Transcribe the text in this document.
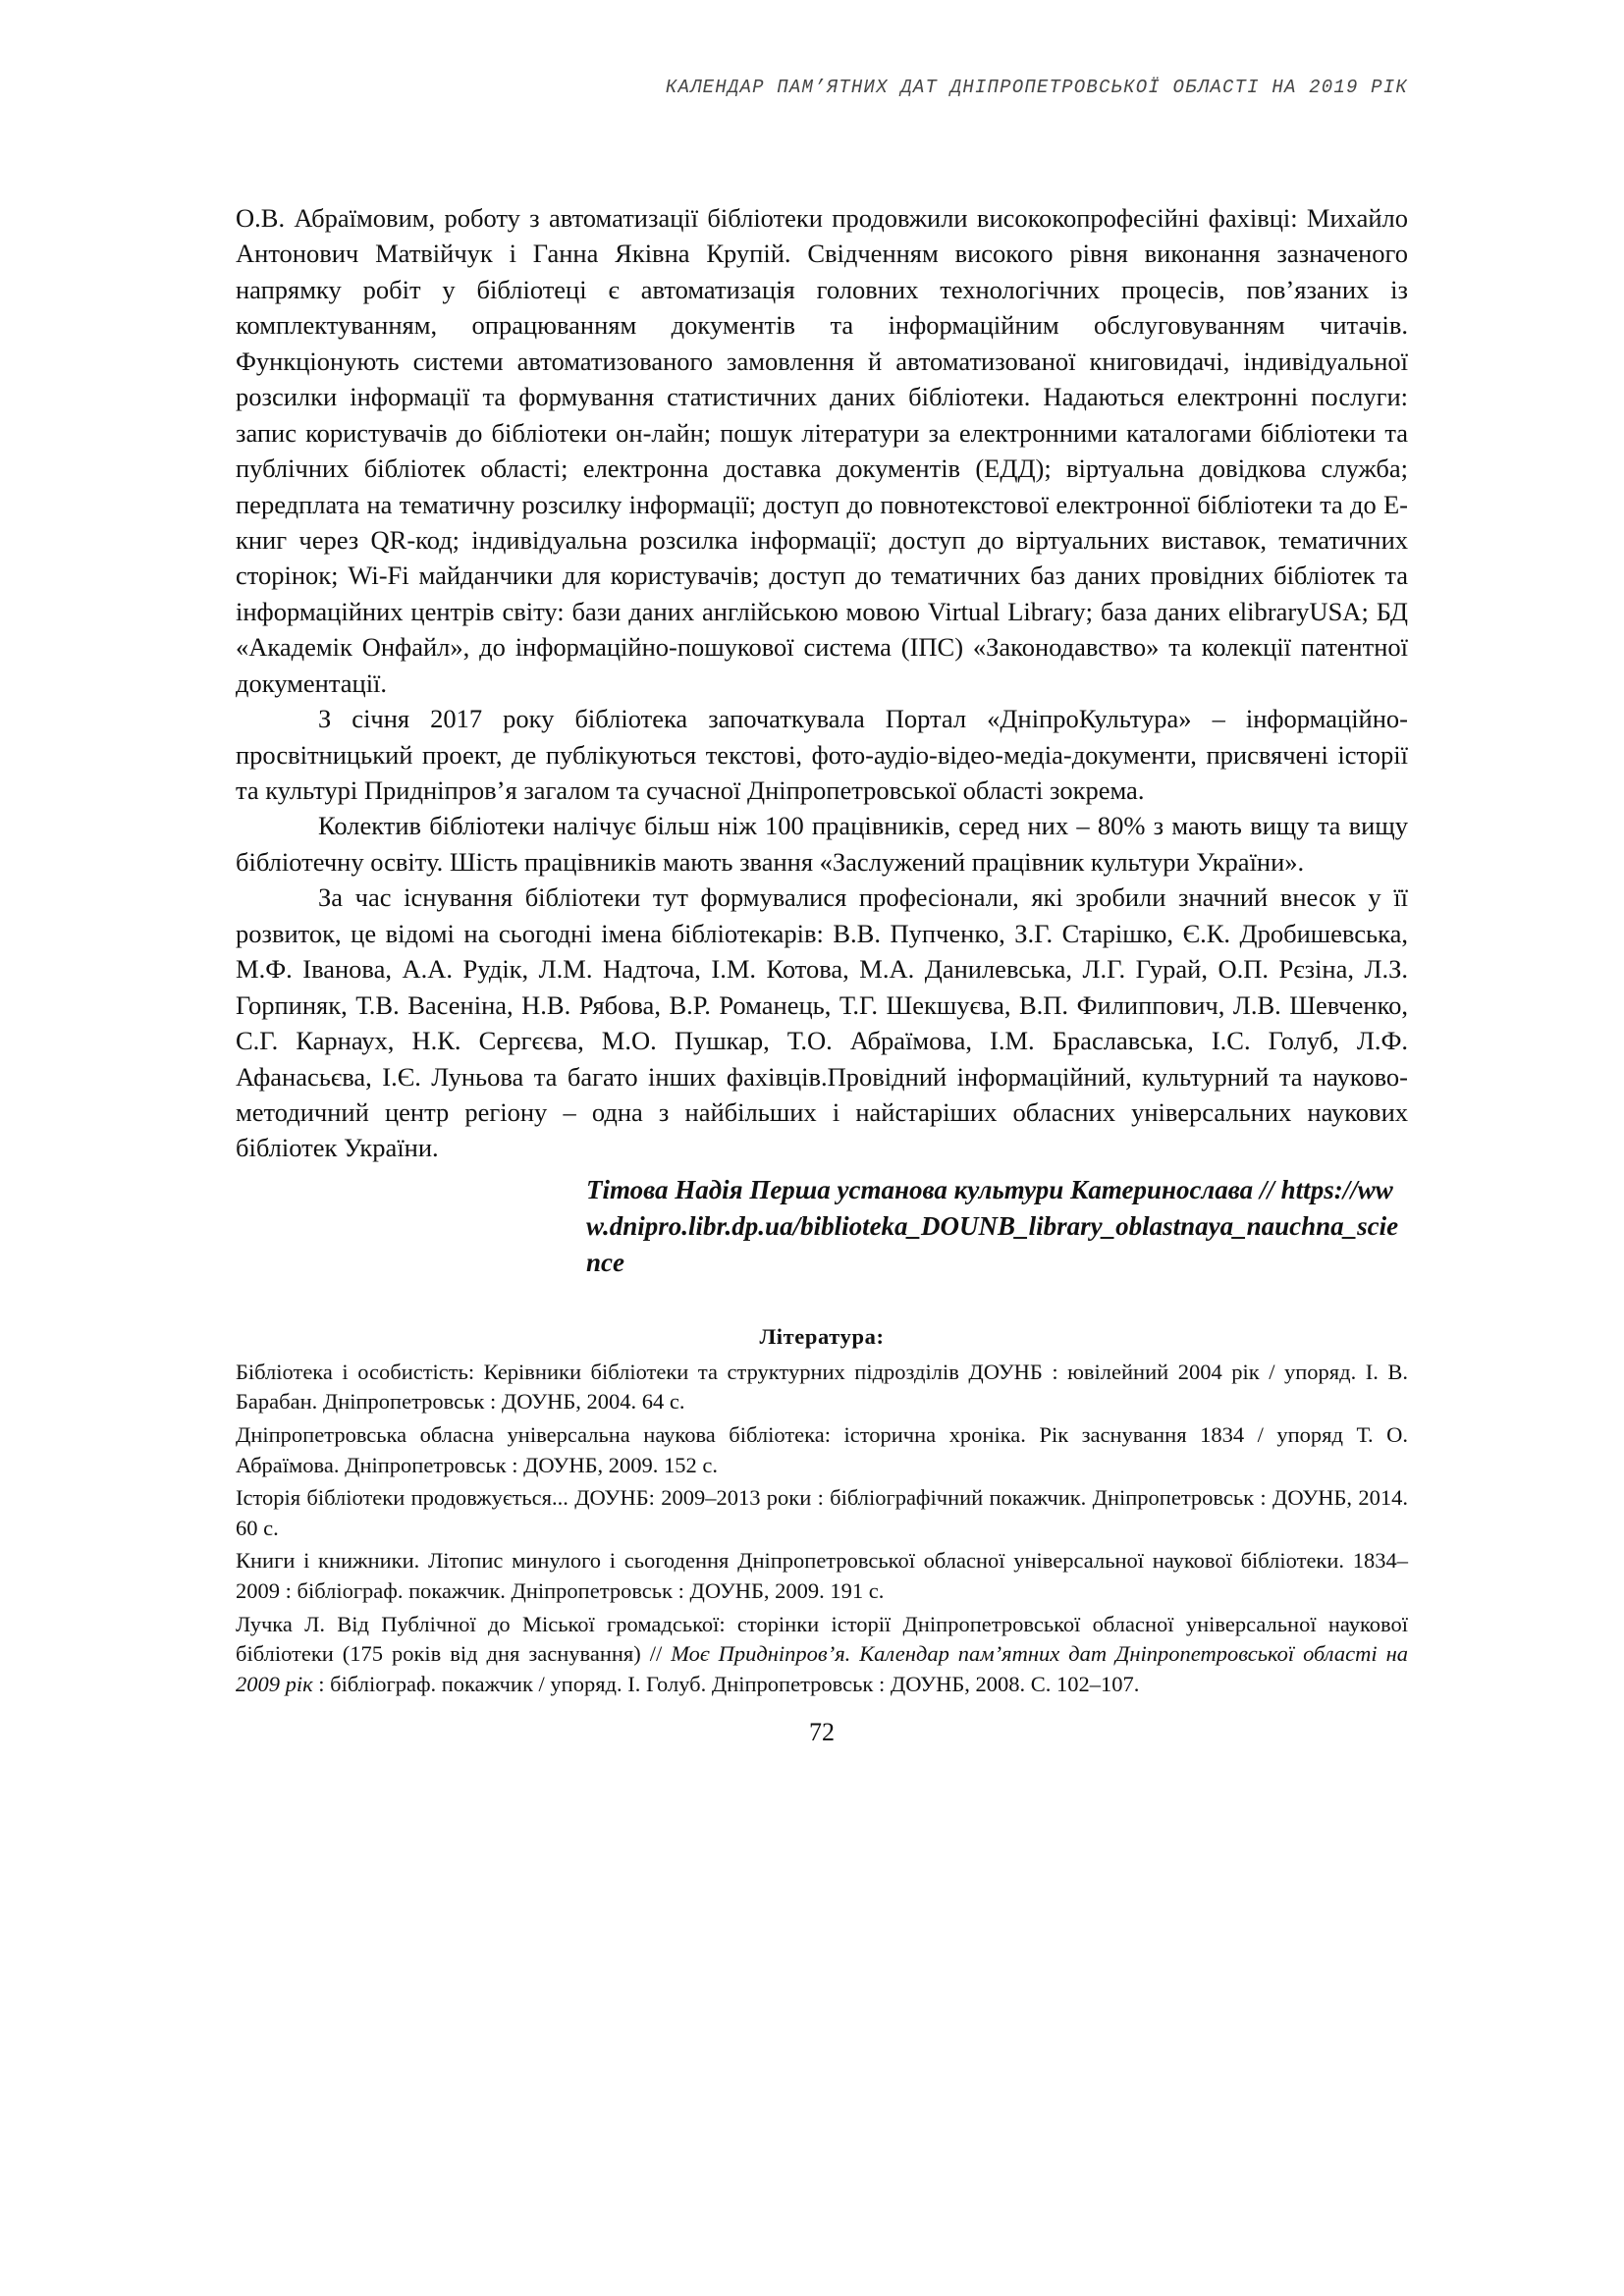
КАЛЕНДАР ПАМ’ЯТНИХ ДАТ ДНІПРОПЕТРОВСЬКОЇ ОБЛАСТІ НА 2019 РІК

О.В. Абраїмовим, роботу з автоматизації бібліотеки продовжили висококопрофесійні фахівці: Михайло Антонович Матвійчук і Ганна Яківна Крупій. Свідченням високого рівня виконання зазначеного напрямку робіт у бібліотеці є автоматизація головних технологічних процесів, пов’язаних із комплектуванням, опрацюванням документів та інформаційним обслуговуванням читачів. Функціонують системи автоматизованого замовлення й автоматизованої книговидачі, індивідуальної розсилки інформації та формування статистичних даних бібліотеки. Надаються електронні послуги: запис користувачів до бібліотеки он-лайн; пошук літератури за електронними каталогами бібліотеки та публічних бібліотек області; електронна доставка документів (ЕДД); віртуальна довідкова служба; передплата на тематичну розсилку інформації; доступ до повнотекстової електронної бібліотеки та до Е-книг через QR-код; індивідуальна розсилка інформації; доступ до віртуальних виставок, тематичних сторінок; Wi-Fi майданчики для користувачів; доступ до тематичних баз даних провідних бібліотек та інформаційних центрів світу: бази даних англійською мовою Virtual Library; база даних elibraryUSA; БД «Академік Онфайл», до інформаційно-пошукової система (ІПС) «Законодавство» та колекції патентної документації.

З січня 2017 року бібліотека започаткувала Портал «ДніпроКультура» – інформаційно-просвітницький проект, де публікуються текстові, фото-аудіо-відео-медіа-документи, присвячені історії та культурі Придніпров’я загалом та сучасної Дніпропетровської області зокрема.

Колектив бібліотеки налічує більш ніж 100 працівників, серед них – 80% з мають вищу та вищу бібліотечну освіту. Шість працівників мають звання «Заслужений працівник культури України».

За час існування бібліотеки тут формувалися професіонали, які зробили значний внесок у її розвиток, це відомі на сьогодні імена бібліотекарів: В.В. Пупченко, З.Г. Старішко, Є.К. Дробишевська, М.Ф. Іванова, А.А. Рудік, Л.М. Надточа, І.М. Котова, М.А. Данилевська, Л.Г. Гурай, О.П. Рєзіна, Л.З. Горпиняк, Т.В. Васеніна, Н.В. Рябова, В.Р. Романець, Т.Г. Шекшуєва, В.П. Филиппович, Л.В. Шевченко, С.Г. Карнаух, Н.К. Сергєєва, М.О. Пушкар, Т.О. Абраїмова, І.М. Браславська, І.С. Голуб, Л.Ф. Афанасьєва, І.Є. Луньова та багато інших фахівців.Провідний інформаційний, культурний та науково-методичний центр регіону – одна з найбільших і найстаріших обласних універсальних наукових бібліотек України.

Тітова Надія Перша установа культури Катеринослава // https://www.dnipro.libr.dp.ua/biblioteka_DOUNB_library_oblastnaya_nauchna_science
Література:
Бібліотека і особистість: Керівники бібліотеки та структурних підрозділів ДОУНБ : ювілейний 2004 рік / упоряд. І. В. Барабан. Дніпропетровськ : ДОУНБ, 2004. 64 с.
Дніпропетровська обласна універсальна наукова бібліотека: історична хроніка. Рік заснування 1834 / упоряд Т. О. Абраїмова. Дніпропетровськ : ДОУНБ, 2009. 152 с.
Історія бібліотеки продовжується... ДОУНБ: 2009–2013 роки : бібліографічний покажчик. Дніпропетровськ : ДОУНБ, 2014. 60 с.
Книги і книжники. Літопис минулого і сьогодення Дніпропетровської обласної універсальної наукової бібліотеки. 1834–2009 : бібліограф. покажчик. Дніпропетровськ : ДОУНБ, 2009. 191 с.
Лучка Л. Від Публічної до Міської громадської: сторінки історії Дніпропетровської обласної універсальної наукової бібліотеки (175 років від дня заснування) // Моє Придніпров’я. Календар пам’ятних дат Дніпропетровської області на 2009 рік : бібліограф. покажчик / упоряд. І. Голуб. Дніпропетровськ : ДОУНБ, 2008. С. 102–107.
72
